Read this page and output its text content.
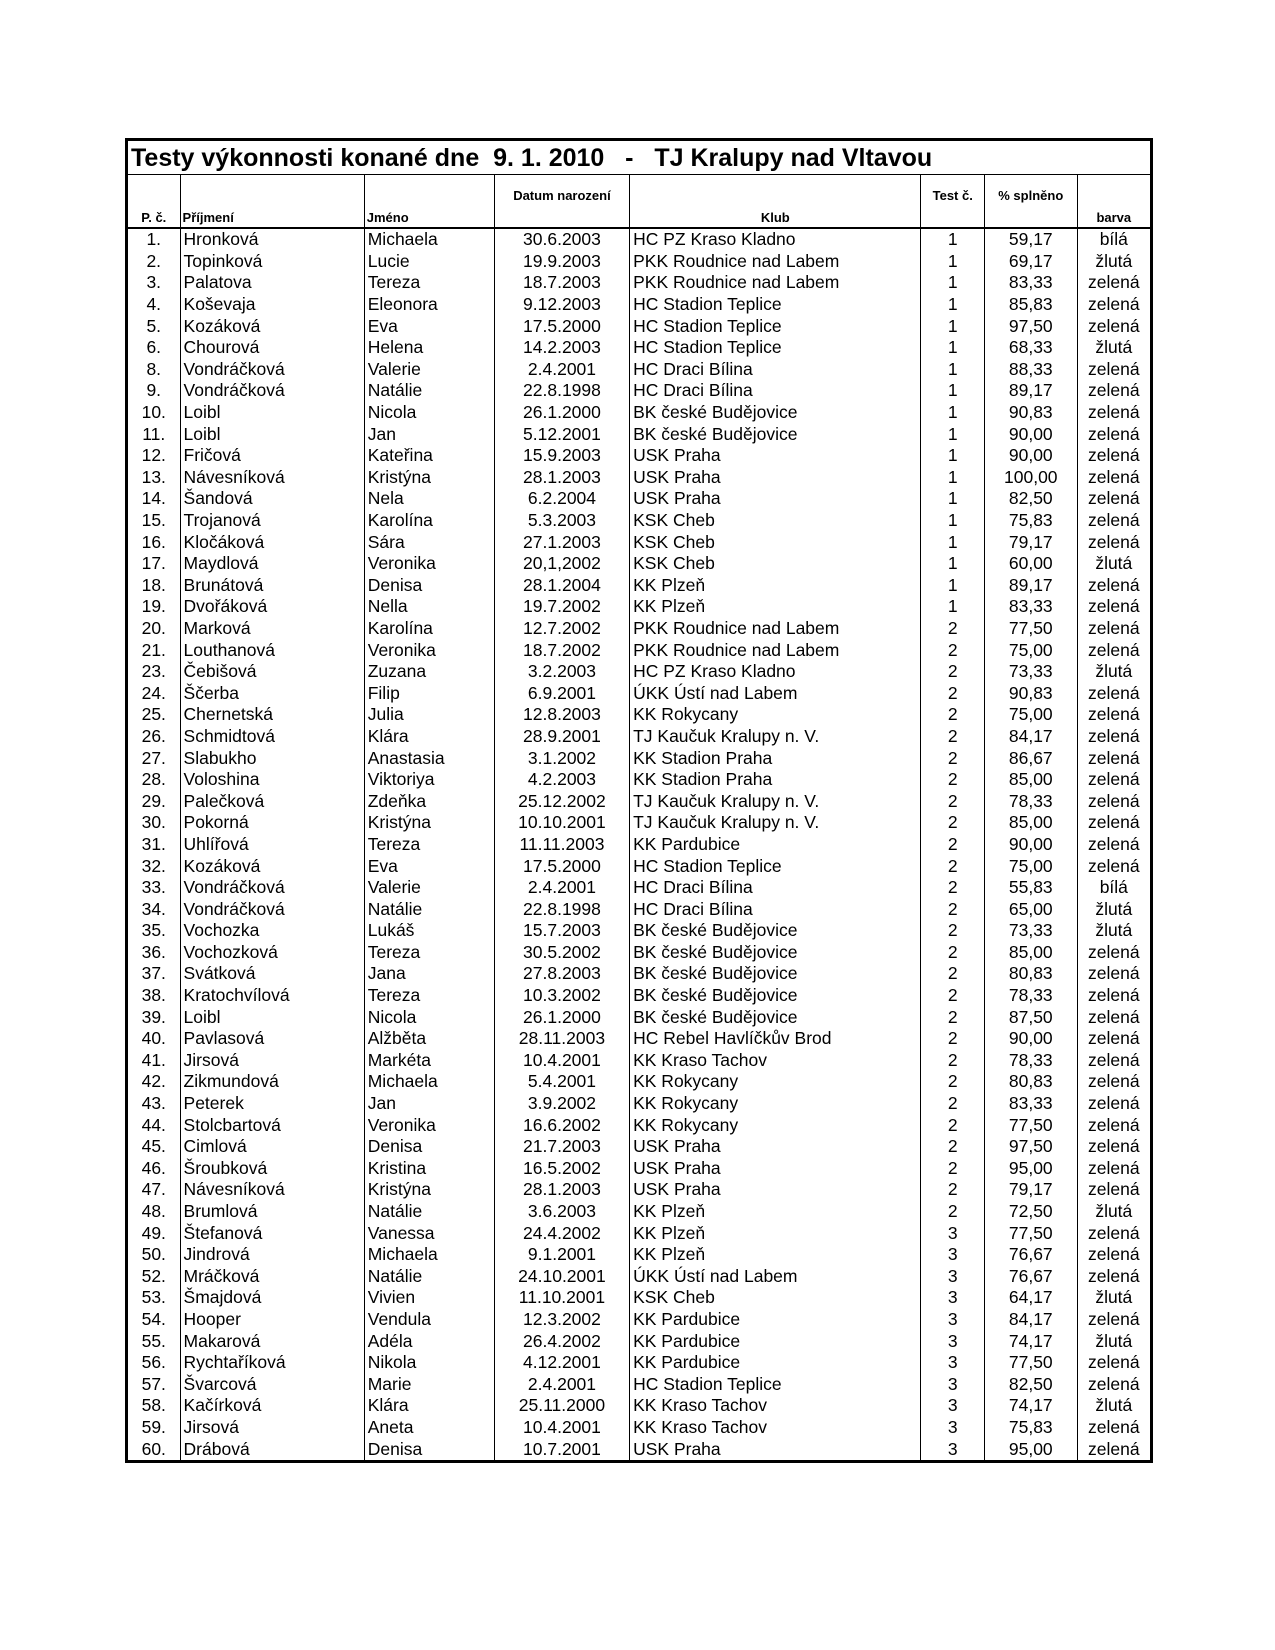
Testy výkonnosti konané dne  9. 1. 2010   -   TJ Kralupy nad Vltavou
P. č.	Příjmení	Jméno	Datum narození	Klub	Test č.	% splněno	barva
1.	Hronková	Michaela	30.6.2003	HC PZ Kraso Kladno	1	59,17	bílá
2.	Topinková	Lucie	19.9.2003	PKK Roudnice nad Labem	1	69,17	žlutá
3.	Palatova	Tereza	18.7.2003	PKK Roudnice nad Labem	1	83,33	zelená
4.	Koševaja	Eleonora	9.12.2003	HC Stadion Teplice	1	85,83	zelená
5.	Kozáková	Eva	17.5.2000	HC Stadion Teplice	1	97,50	zelená
6.	Chourová	Helena	14.2.2003	HC Stadion Teplice	1	68,33	žlutá
8.	Vondráčková	Valerie	2.4.2001	HC Draci Bílina	1	88,33	zelená
9.	Vondráčková	Natálie	22.8.1998	HC Draci Bílina	1	89,17	zelená
10.	Loibl	Nicola	26.1.2000	BK české Budějovice	1	90,83	zelená
11.	Loibl	Jan	5.12.2001	BK české Budějovice	1	90,00	zelená
12.	Fričová	Kateřina	15.9.2003	USK Praha	1	90,00	zelená
13.	Návesníková	Kristýna	28.1.2003	USK Praha	1	100,00	zelená
14.	Šandová	Nela	6.2.2004	USK Praha	1	82,50	zelená
15.	Trojanová	Karolína	5.3.2003	KSK Cheb	1	75,83	zelená
16.	Kločáková	Sára	27.1.2003	KSK Cheb	1	79,17	zelená
17.	Maydlová	Veronika	20,1,2002	KSK Cheb	1	60,00	žlutá
18.	Brunátová	Denisa	28.1.2004	KK Plzeň	1	89,17	zelená
19.	Dvořáková	Nella	19.7.2002	KK Plzeň	1	83,33	zelená
20.	Marková	Karolína	12.7.2002	PKK Roudnice nad Labem	2	77,50	zelená
21.	Louthanová	Veronika	18.7.2002	PKK Roudnice nad Labem	2	75,00	zelená
23.	Čebišová	Zuzana	3.2.2003	HC PZ Kraso Kladno	2	73,33	žlutá
24.	Ščerba	Filip	6.9.2001	ÚKK Ústí nad Labem	2	90,83	zelená
25.	Chernetská	Julia	12.8.2003	KK Rokycany	2	75,00	zelená
26.	Schmidtová	Klára	28.9.2001	TJ Kaučuk Kralupy n. V.	2	84,17	zelená
27.	Slabukho	Anastasia	3.1.2002	KK Stadion Praha	2	86,67	zelená
28.	Voloshina	Viktoriya	4.2.2003	KK Stadion Praha	2	85,00	zelená
29.	Palečková	Zdeňka	25.12.2002	TJ Kaučuk Kralupy n. V.	2	78,33	zelená
30.	Pokorná	Kristýna	10.10.2001	TJ Kaučuk Kralupy n. V.	2	85,00	zelená
31.	Uhlířová	Tereza	11.11.2003	KK Pardubice	2	90,00	zelená
32.	Kozáková	Eva	17.5.2000	HC Stadion Teplice	2	75,00	zelená
33.	Vondráčková	Valerie	2.4.2001	HC Draci Bílina	2	55,83	bílá
34.	Vondráčková	Natálie	22.8.1998	HC Draci Bílina	2	65,00	žlutá
35.	Vochozka	Lukáš	15.7.2003	BK české Budějovice	2	73,33	žlutá
36.	Vochozková	Tereza	30.5.2002	BK české Budějovice	2	85,00	zelená
37.	Svátková	Jana	27.8.2003	BK české Budějovice	2	80,83	zelená
38.	Kratochvílová	Tereza	10.3.2002	BK české Budějovice	2	78,33	zelená
39.	Loibl	Nicola	26.1.2000	BK české Budějovice	2	87,50	zelená
40.	Pavlasová	Alžběta	28.11.2003	HC Rebel Havlíčkův Brod	2	90,00	zelená
41.	Jirsová	Markéta	10.4.2001	KK Kraso Tachov	2	78,33	zelená
42.	Zikmundová	Michaela	5.4.2001	KK Rokycany	2	80,83	zelená
43.	Peterek	Jan	3.9.2002	KK Rokycany	2	83,33	zelená
44.	Stolcbartová	Veronika	16.6.2002	KK Rokycany	2	77,50	zelená
45.	Cimlová	Denisa	21.7.2003	USK Praha	2	97,50	zelená
46.	Šroubková	Kristina	16.5.2002	USK Praha	2	95,00	zelená
47.	Návesníková	Kristýna	28.1.2003	USK Praha	2	79,17	zelená
48.	Brumlová	Natálie	3.6.2003	KK Plzeň	2	72,50	žlutá
49.	Štefanová	Vanessa	24.4.2002	KK Plzeň	3	77,50	zelená
50.	Jindrová	Michaela	9.1.2001	KK Plzeň	3	76,67	zelená
52.	Mráčková	Natálie	24.10.2001	ÚKK Ústí nad Labem	3	76,67	zelená
53.	Šmajdová	Vivien	11.10.2001	KSK Cheb	3	64,17	žlutá
54.	Hooper	Vendula	12.3.2002	KK Pardubice	3	84,17	zelená
55.	Makarová	Adéla	26.4.2002	KK Pardubice	3	74,17	žlutá
56.	Rychtaříková	Nikola	4.12.2001	KK Pardubice	3	77,50	zelená
57.	Švarcová	Marie	2.4.2001	HC Stadion Teplice	3	82,50	zelená
58.	Kačírková	Klára	25.11.2000	KK Kraso Tachov	3	74,17	žlutá
59.	Jirsová	Aneta	10.4.2001	KK Kraso Tachov	3	75,83	zelená
60.	Drábová	Denisa	10.7.2001	USK Praha	3	95,00	zelená
